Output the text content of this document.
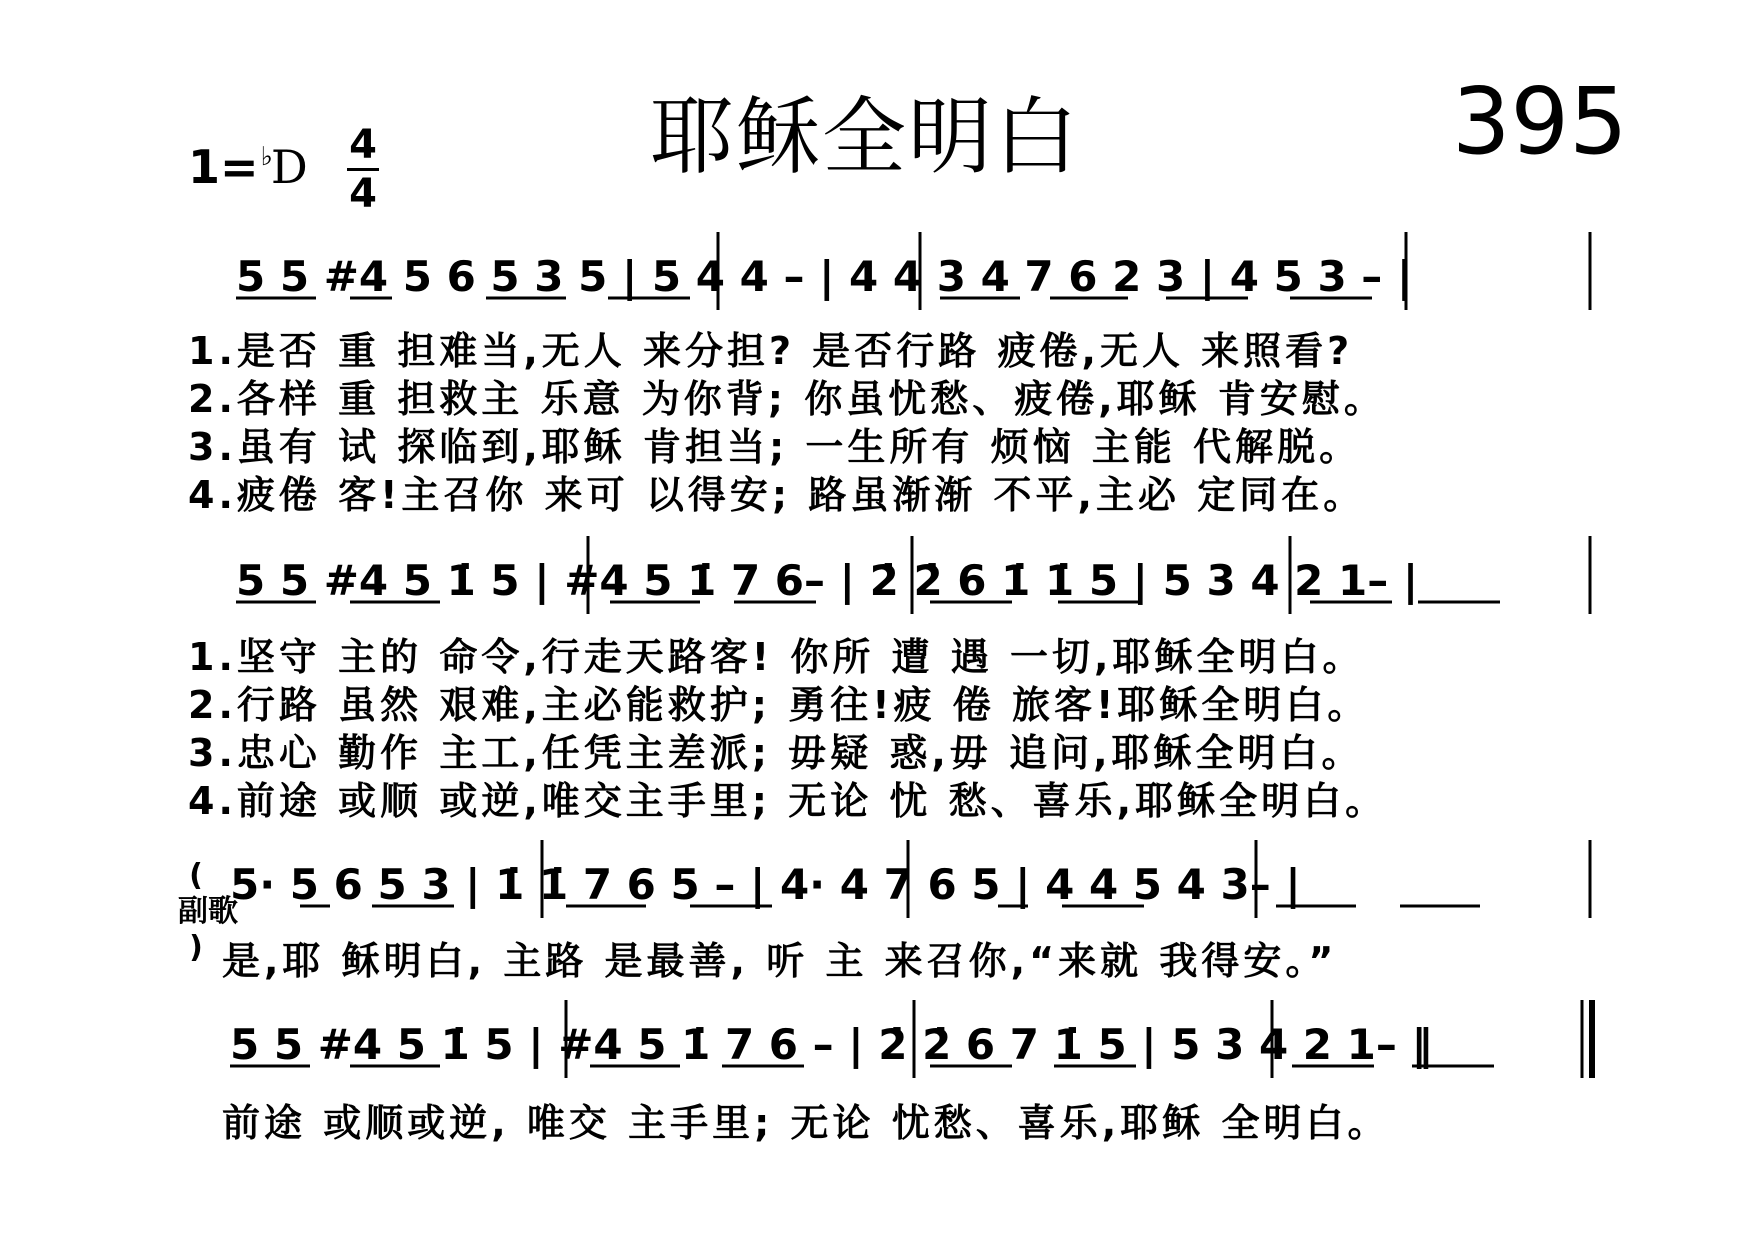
耶稣全明白	395
1=♭D 4
4
5 5 #4 5 6 5 3 5 | 5 4 4 – | 4 4 3 4 7 6 2 3 | 4 5 3 – |
1.是否 重 担难当,无人 来分担? 是否行路 疲倦,无人 来照看?
2.各样 重 担救主 乐意 为你背; 你虽忧愁、疲倦,耶稣 肯安慰。
3.虽有 试 探临到,耶稣 肯担当; 一生所有 烦恼 主能 代解脱。
4.疲倦 客!主召你 来可 以得安; 路虽渐渐 不平,主必 定同在。
5 5 #4 5 1̇ 5 | #4 5 1̇ 7 6– | 2̇ 2̇ 6 1̇ 1̇ 5 | 5 3 4 2 1– |
1.坚守 主的 命令,行走天路客! 你所 遭 遇 一切,耶稣全明白。
2.行路 虽然 艰难,主必能救护; 勇往!疲 倦 旅客!耶稣全明白。
3.忠心 勤作 主工,任凭主差派; 毋疑 惑,毋 追问,耶稣全明白。
4.前途 或顺 或逆,唯交主手里; 无论 忧 愁、喜乐,耶稣全明白。
(
副歌
)
5· 5 6 5 3 | 1̇ 1̇ 7 6 5 – | 4· 4 7 6 5 | 4 4 5 4 3– |
是,耶 稣明白, 主路 是最善, 听 主 来召你,“来就 我得安。”
5 5 #4 5 1̇ 5 | #4 5 1̇ 7 6 – | 2̇ 2̇ 6 7 1̇ 5 | 5 3 4 2 1– ‖
前途 或顺或逆, 唯交 主手里; 无论 忧愁、喜乐,耶稣 全明白。
